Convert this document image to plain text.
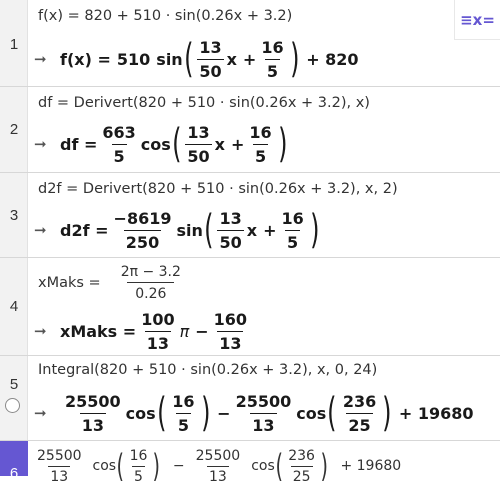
1
f(x) = 820 + 510 · sin(0.26x + 3.2)
➞ f(x) = 510 sin ( $\frac{13}{50}$ $x + \frac{16}{5}$ ) + 820
2
df = Derivert(820 + 510 · sin(0.26x + 3.2), x)
➞ df = $\frac{663}{5}$ cos ( $\frac{13}{50}$ $x + \frac{16}{5}$ )
3
d2f = Derivert(820 + 510 · sin(0.26x + 3.2), x, 2)
➞ $d2f = \frac{-8619}{250}$ sin ( $\frac{13}{50}$ $x + \frac{16}{5}$ )
4
xMaks = $\frac{2\pi - 3.2}{0.26}$
➞ xMaks = $\frac{100}{13}$ $\pi - \frac{160}{13}$
5
Integral(820 + 510 · sin(0.26x + 3.2), x, 0, 24)
➞	$\frac{25500}{13}$ cos ( $\frac{16}{5}$ ) − $\frac{25500}{13}$ cos ( $\frac{236}{25}$ ) + 19680
6	$\frac{25500}{13}$ cos ( $\frac{16}{5}$ ) − $\frac{25500}{13}$ cos ( $\frac{236}{25}$ ) + 19680
≡x=
